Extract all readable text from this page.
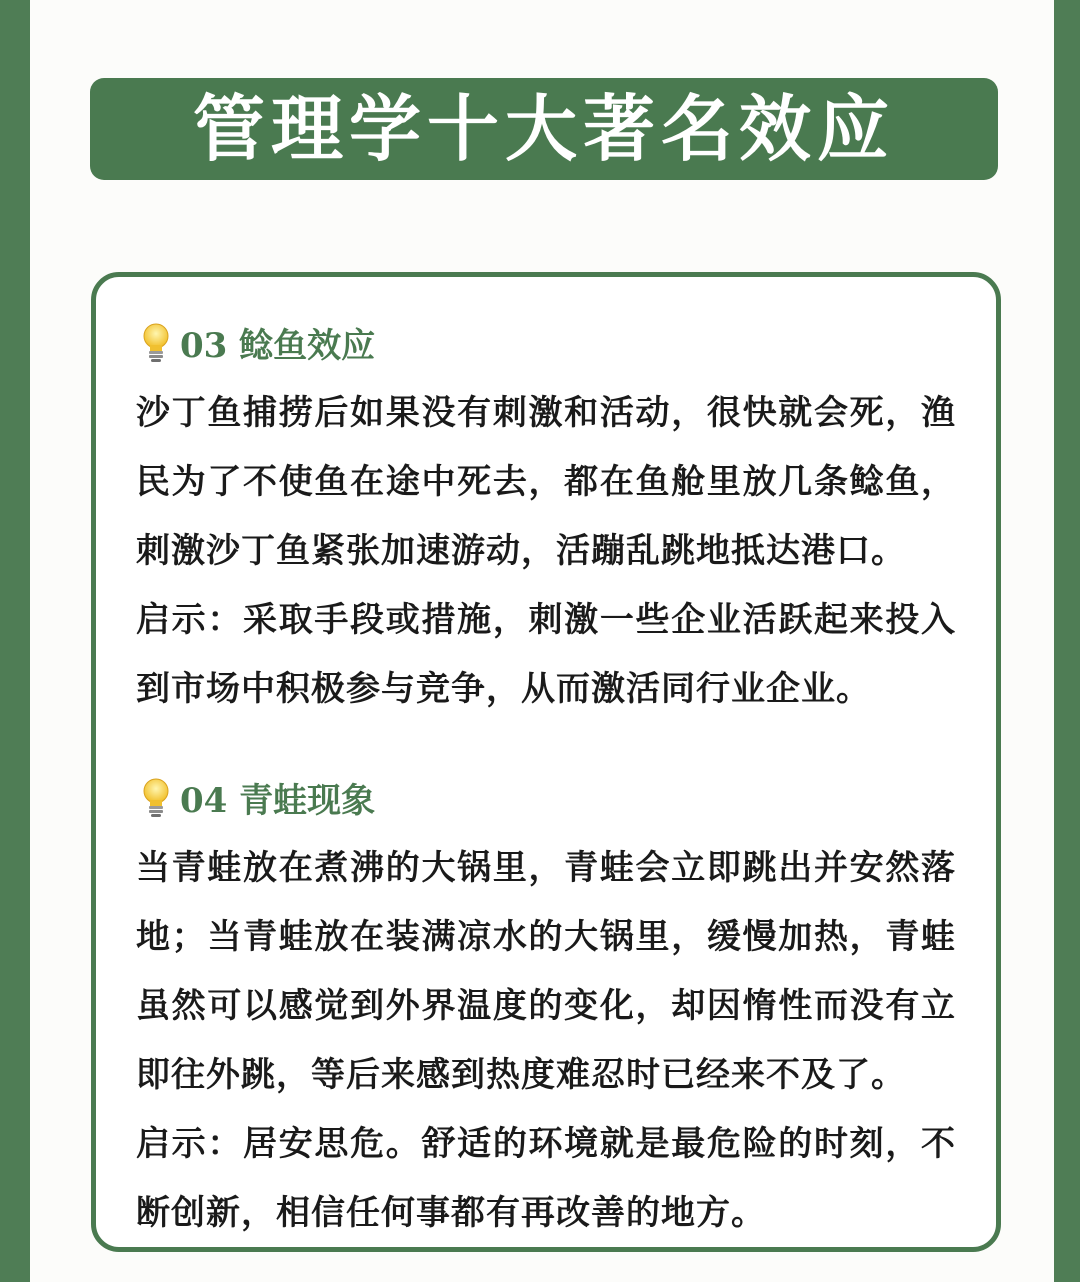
管理学十大著名效应
03 鲶鱼效应

沙丁鱼捕捞后如果没有刺激和活动，很快就会死，渔民为了不使鱼在途中死去，都在鱼舱里放几条鲶鱼，刺激沙丁鱼紧张加速游动，活蹦乱跳地抵达港口。

启示：采取手段或措施，刺激一些企业活跃起来投入到市场中积极参与竞争，从而激活同行业企业。

04 青蛙现象

当青蛙放在煮沸的大锅里，青蛙会立即跳出并安然落地；当青蛙放在装满凉水的大锅里，缓慢加热，青蛙虽然可以感觉到外界温度的变化，却因惰性而没有立即往外跳，等后来感到热度难忍时已经来不及了。

启示：居安思危。舒适的环境就是最危险的时刻，不断创新，相信任何事都有再改善的地方。
